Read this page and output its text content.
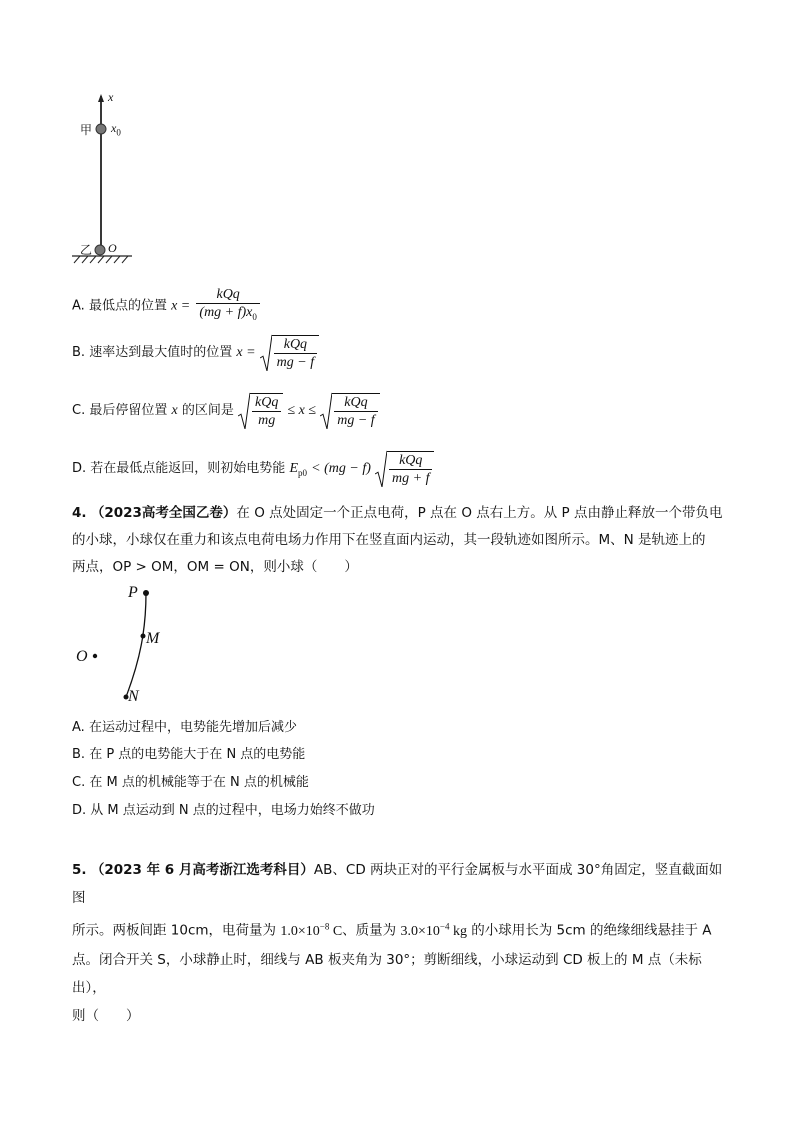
x
甲 $x_0$
乙 O
A. 最低点的位置 $x = \frac{\text{kQq}}{(mg + f)x_0}$
B. 速率达到最大值时的位置 $x = \frac{\text{kQq}}{mg - f}$
C. 最后停留位置 x 的区间是 $\frac{\text{kQq}}{mg} \le x \le \frac{\text{kQq}}{mg - f}$
D. 若在最低点能返回，则初始电势能 $E_{p0} < (mg - f) \frac{\text{kQq}}{mg + f}$
4. （2023高考全国乙卷）在 O 点处固定一个正点电荷，P 点在 O 点右上方。从 P 点由静止释放一个带负电
的小球，小球仅在重力和该点电荷电场力作用下在竖直面内运动，其一段轨迹如图所示。M、N 是轨迹上的
两点，OP > OM，OM = ON，则小球（　　）
P
M
O
N
A. 在运动过程中，电势能先增加后减少
B. 在 P 点的电势能大于在 N 点的电势能
C. 在 M 点的机械能等于在 N 点的机械能
D. 从 M 点运动到 N 点的过程中，电场力始终不做功
5. （2023 年 6 月高考浙江选考科目）AB、CD 两块正对的平行金属板与水平面成 30°角固定，竖直截面如图
所示。两板间距 10cm，电荷量为 $1.0\times 10^{-8}$ C、质量为 $3.0\times 10^{-4}$ kg 的小球用长为 5cm 的绝缘细线悬挂于 A
点。闭合开关 S，小球静止时，细线与 AB 板夹角为 30°；剪断细线，小球运动到 CD 板上的 M 点（未标出），
则（　　）
